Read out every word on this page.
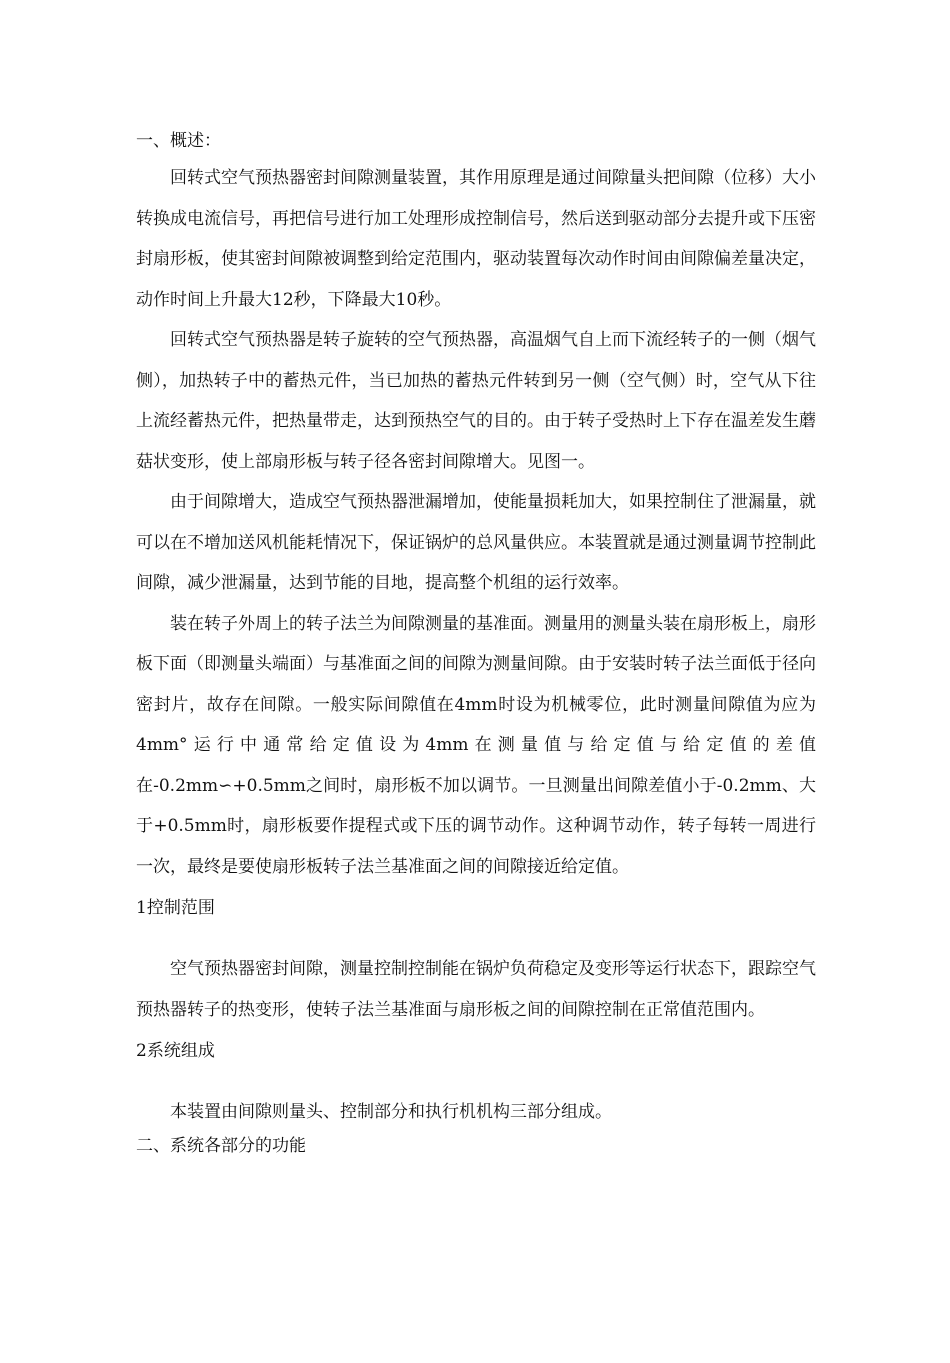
一、概述：

回转式空气预热器密封间隙测量装置，其作用原理是通过间隙量头把间隙（位移）大小转换成电流信号，再把信号进行加工处理形成控制信号，然后送到驱动部分去提升或下压密封扇形板，使其密封间隙被调整到给定范围内，驱动装置每次动作时间由间隙偏差量决定，动作时间上升最大12秒，下降最大10秒。

回转式空气预热器是转子旋转的空气预热器，高温烟气自上而下流经转子的一侧（烟气侧），加热转子中的蓄热元件，当已加热的蓄热元件转到另一侧（空气侧）时，空气从下往上流经蓄热元件，把热量带走，达到预热空气的目的。由于转子受热时上下存在温差发生蘑菇状变形，使上部扇形板与转子径各密封间隙增大。见图一。

由于间隙增大，造成空气预热器泄漏增加，使能量损耗加大，如果控制住了泄漏量，就可以在不增加送风机能耗情况下，保证锅炉的总风量供应。本装置就是通过测量调节控制此间隙，减少泄漏量，达到节能的目地，提高整个机组的运行效率。

装在转子外周上的转子法兰为间隙测量的基准面。测量用的测量头装在扇形板上，扇形板下面（即测量头端面）与基准面之间的间隙为测量间隙。由于安装时转子法兰面低于径向密封片，故存在间隙。一般实际间隙值在4mm时设为机械零位，此时测量间隙值为应为4mm°运行中通常给定值设为4mm在测量值与给定值与给定值的差值在-0.2mm∽+0.5mm之间时，扇形板不加以调节。一旦测量出间隙差值小于-0.2mm、大于+0.5mm时，扇形板要作提程式或下压的调节动作。这种调节动作，转子每转一周进行一次，最终是要使扇形板转子法兰基准面之间的间隙接近给定值。

1控制范围

空气预热器密封间隙，测量控制控制能在锅炉负荷稳定及变形等运行状态下，跟踪空气预热器转子的热变形，使转子法兰基准面与扇形板之间的间隙控制在正常值范围内。

2系统组成

本装置由间隙则量头、控制部分和执行机机构三部分组成。

二、系统各部分的功能
